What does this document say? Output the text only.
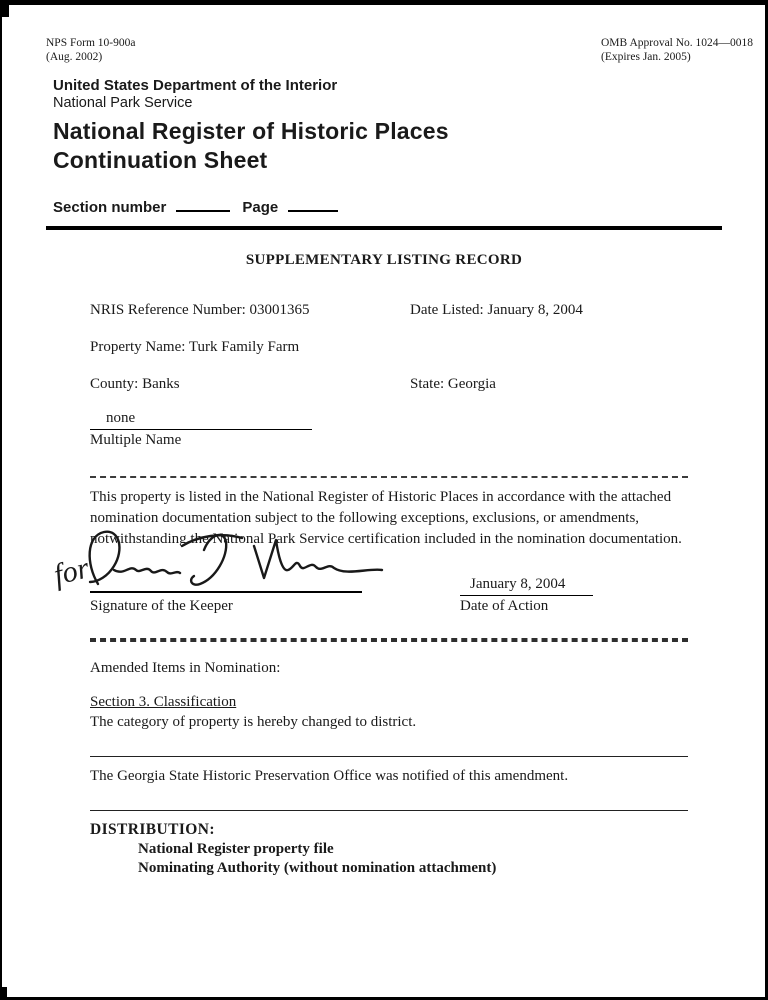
NPS Form 10-900a
(Aug. 2002)
OMB Approval No. 1024—0018
(Expires Jan. 2005)
United States Department of the Interior
National Park Service
National Register of Historic Places
Continuation Sheet
Section number	Page
SUPPLEMENTARY LISTING RECORD
NRIS Reference Number: 03001365	Date Listed: January 8, 2004
Property Name: Turk Family Farm
County: Banks	State: Georgia
none
Multiple Name
This property is listed in the National Register of Historic Places in accordance with the attached nomination documentation subject to the following exceptions, exclusions, or amendments, notwithstanding the National Park Service certification included in the nomination documentation.
for
Signature of the Keeper
January 8, 2004
Date of Action
Amended Items in Nomination:
Section 3. Classification
The category of property is hereby changed to district.
The Georgia State Historic Preservation Office was notified of this amendment.
DISTRIBUTION:
National Register property file
Nominating Authority (without nomination attachment)
